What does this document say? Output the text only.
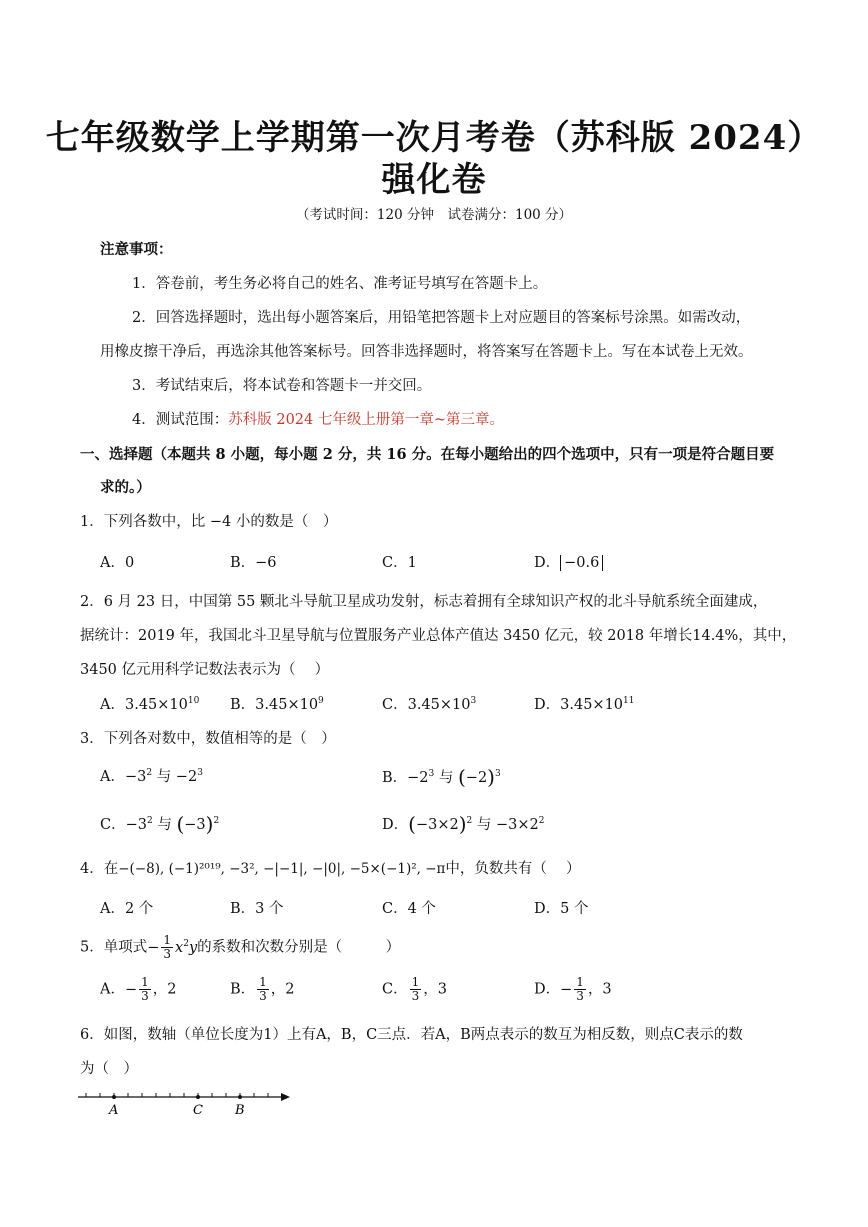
七年级数学上学期第一次月考卷（苏科版 2024）
强化卷
（考试时间：120 分钟　试卷满分：100 分）
注意事项：
1．答卷前，考生务必将自己的姓名、准考证号填写在答题卡上。
2．回答选择题时，选出每小题答案后，用铅笔把答题卡上对应题目的答案标号涂黑。如需改动，
用橡皮擦干净后，再选涂其他答案标号。回答非选择题时，将答案写在答题卡上。写在本试卷上无效。
3．考试结束后，将本试卷和答题卡一并交回。
4．测试范围：苏科版 2024 七年级上册第一章~第三章。
一、选择题（本题共 8 小题，每小题 2 分，共 16 分。在每小题给出的四个选项中，只有一项是符合题目要
求的。）
1．下列各数中，比 −4 小的数是（　）
A．0	B．−6	C．1	D． −0.6
2．6 月 23 日，中国第 55 颗北斗导航卫星成功发射，标志着拥有全球知识产权的北斗导航系统全面建成，
据统计：2019 年，我国北斗卫星导航与位置服务产业总体产值达 3450 亿元，较 2018 年增长14.4%，其中，
3450 亿元用科学记数法表示为（　 ）
A．$3.45\times 10^{10}$ B．$3.45\times 10^9$	C．$3.45\times 10^3$	D．$3.45\times 10^{11}$
3．下列各对数中，数值相等的是（　）
A．$-3^2$ 与 $-2^3$	B．$-2^3$ 与 $(-2)^3$
C．$-3^2$ 与 $(-3)^2$	D．$(-3\times 2)^2$ 与 $-3\times 2^2$
4．在−(−8), (−1)²⁰¹⁹, −3², −|−1|, −|0|, −5×(−1)², −π中，负数共有（　 ）
A．2 个	B．3 个	C．4 个	D．5 个
5．单项式− $\frac{1}{3} x^2y$的系数和次数分别是（　　　）
A．− $\frac{1}{3}$ ，2	B． $\frac{1}{3}$ ，2	C． $\frac{1}{3}$ ，3	D．− $\frac{1}{3}$ ，3
6．如图，数轴（单位长度为1）上有A，B，C三点．若A，B两点表示的数互为相反数，则点C表示的数
为（　）
A	C B
